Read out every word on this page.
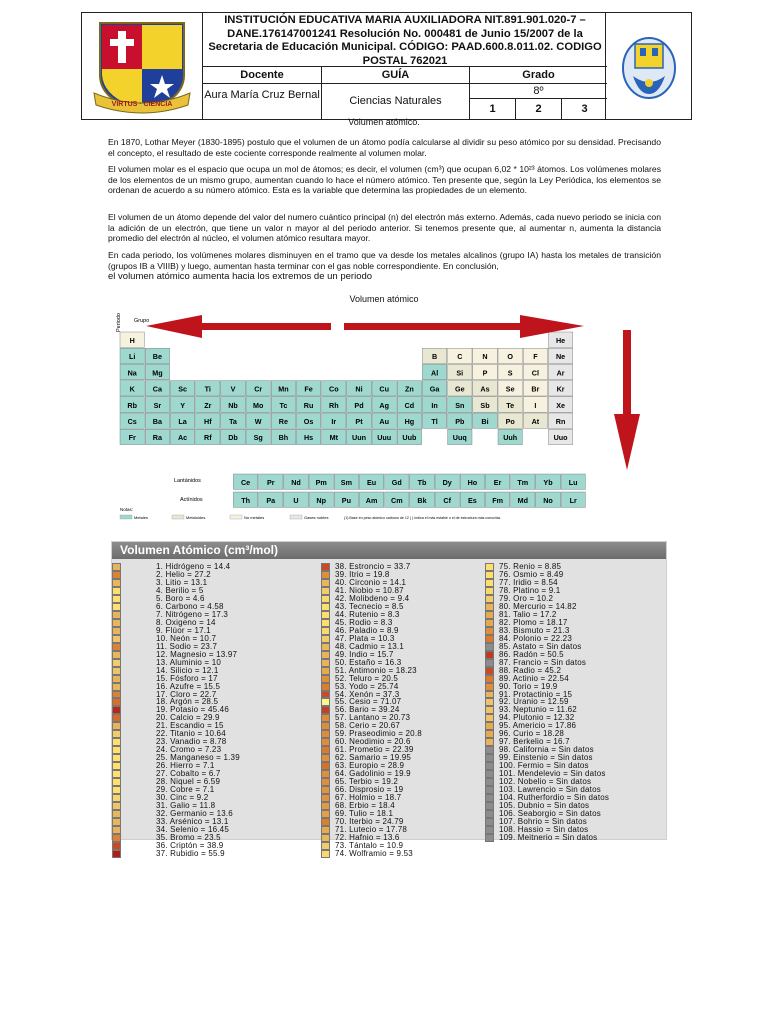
VIRTUS · CIENCIA
INSTITUCIÓN EDUCATIVA MARIA AUXILIADORA NIT.891.901.020-7 – DANE.176147001241 Resolución No. 000481 de Junio 15/2007 de la Secretaria de Educación Municipal. CÓDIGO: PAAD.600.8.011.02. CODIGO POSTAL 762021
Docente	GUÍA	Grado
Aura María Cruz Bernal	Ciencias Naturales
8º
1	2	3
Volumen atómico.
En 1870, Lothar Meyer (1830-1895) postulo que el volumen de un átomo podía calcularse al dividir su peso atómico por su densidad. Precisando el concepto, el resultado de este cociente corresponde realmente al volumen molar.
El volumen molar es el espacio que ocupa un mol de átomos; es decir, el volumen (cm³) que ocupan 6,02 * 10²³ átomos. Los volúmenes molares de los elementos de un mismo grupo, aumentan cuando lo hace el número atómico. Ten presente que, según la Ley Periódica, los elementos se ordenan de acuerdo a su número atómico. Esta es la variable que determina las propiedades de un elemento.
El volumen de un átomo depende del valor del numero cuántico principal (n) del electrón más externo. Además, cada nuevo periodo se inicia con la adición de un electrón, que tiene un valor n mayor al del periodo anterior. Si tenemos presente que, al aumentar n, aumenta la distancia promedio del electrón al núcleo, el volumen atómico resultara mayor.
En cada periodo, los volúmenes molares disminuyen en el tramo que va desde los metales alcalinos (grupo IA) hasta los metales de transición (grupos IB a VIIIB) y luego, aumentan hasta terminar con el gas noble correspondiente. En conclusión,
el volumen atómico aumenta hacia los extremos de un periodo
Volumen atómico
H	He
Li Be	B	C	N	O	F	Ne
Na Mg	Al	Si	P	S	Cl Ar
K Ca Sc Ti	V	Cr Mn Fe Co Ni Cu Zn Ga Ge As Se Br Kr
Rb Sr	Y	Zr Nb Mo Tc Ru Rh Pd Ag Cd In Sn Sb Te	I	Xe
Cs Ba La Hf Ta W Re Os	Ir	Pt Au Hg Tl Pb Bi Po At Rn
Fr Ra Ac Rf Db Sg Bh Hs Mt Uun Uuu Uub	Uuq	Uuh	Uuo
Ce Pr Nd Pm Sm Eu Gd Tb Dy Ho Er Tm Yb Lu
Th Pa	U Np Pu Am Cm Bk Cf Es Fm Md No Lr
Periodo Grupo
Lantánidos
Actínidos
Notas:
Metales	Metaloides	No metales	Gases nobles	(1) Base en peso atómico carbono de 12 ( ) indica el más estable o el de estructura más conocida.
Volumen Atómico (cm³/mol)
1. Hidrógeno = 14.4
2. Helio = 27.2
3. Litio = 13.1
4. Berilio = 5
5. Boro = 4.6
6. Carbono = 4.58
7. Nitrógeno = 17.3
8. Oxigeno = 14
9. Flúor = 17.1
10. Neón = 10.7
11. Sodio = 23.7
12. Magnesio = 13.97
13. Aluminio = 10
14. Silicio = 12.1
15. Fósforo = 17
16. Azufre = 15.5
17. Cloro = 22.7
18. Argón = 28.5
19. Potasio = 45.46
20. Calcio = 29.9
21. Escandio = 15
22. Titanio = 10.64
23. Vanadio = 8.78
24. Cromo = 7.23
25. Manganeso = 1.39
26. Hierro = 7.1
27. Cobalto = 6.7
28. Niquel = 6.59
29. Cobre = 7.1
30. Cinc = 9.2
31. Galio = 11.8
32. Germanio = 13.6
33. Arsénico = 13.1
34. Selenio = 16.45
35. Bromo = 23.5
36. Criptón = 38.9
37. Rubidio = 55.9
38. Estroncio = 33.7
39. Itrio = 19.8
40. Circonio = 14.1
41. Niobio = 10.87
42. Molibdeno = 9.4
43. Tecnecio = 8.5
44. Rutenio = 8.3
45. Rodio = 8.3
46. Paladio = 8.9
47. Plata = 10.3
48. Cadmio = 13.1
49. Indio = 15.7
50. Estaño = 16.3
51. Antimonio = 18.23
52. Teluro = 20.5
53. Yodo = 25.74
54. Xenón = 37.3
55. Cesio = 71.07
56. Bario = 39.24
57. Lantano = 20.73
58. Cerio = 20.67
59. Praseodimio = 20.8
60. Neodimio = 20.6
61. Prometio = 22.39
62. Samario = 19.95
63. Europio = 28.9
64. Gadolinio = 19.9
65. Terbio = 19.2
66. Disprosio = 19
67. Holmio = 18.7
68. Erbio = 18.4
69. Tulio = 18.1
70. Iterbio = 24.79
71. Lutecio = 17.78
72. Hafnio = 13.6
73. Tántalo = 10.9
74. Wolframio = 9.53
75. Renio = 8.85
76. Osmio = 8.49
77. Iridio = 8.54
78. Platino = 9.1
79. Oro = 10.2
80. Mercurio = 14.82
81. Talio = 17.2
82. Plomo = 18.17
83. Bismuto = 21.3
84. Polonio = 22.23
85. Astato = Sin datos
86. Radón = 50.5
87. Francio = Sin datos
88. Radio = 45.2
89. Actinio = 22.54
90. Torio = 19.9
91. Protactinio = 15
92. Uranio = 12.59
93. Neptunio = 11.62
94. Plutonio = 12.32
95. Americio = 17.86
96. Curio = 18.28
97. Berkelio = 16.7
98. California = Sin datos
99. Einstenio = Sin datos
100. Fermio = Sin datos
101. Mendelevio = Sin datos
102. Nobelio = Sin datos
103. Lawrencio = Sin datos
104. Rutherfordio = Sin datos
105. Dubnio = Sin datos
106. Seaborgio = Sin datos
107. Bohrio = Sin datos
108. Hassio = Sin datos
109. Meitnerio = Sin datos
